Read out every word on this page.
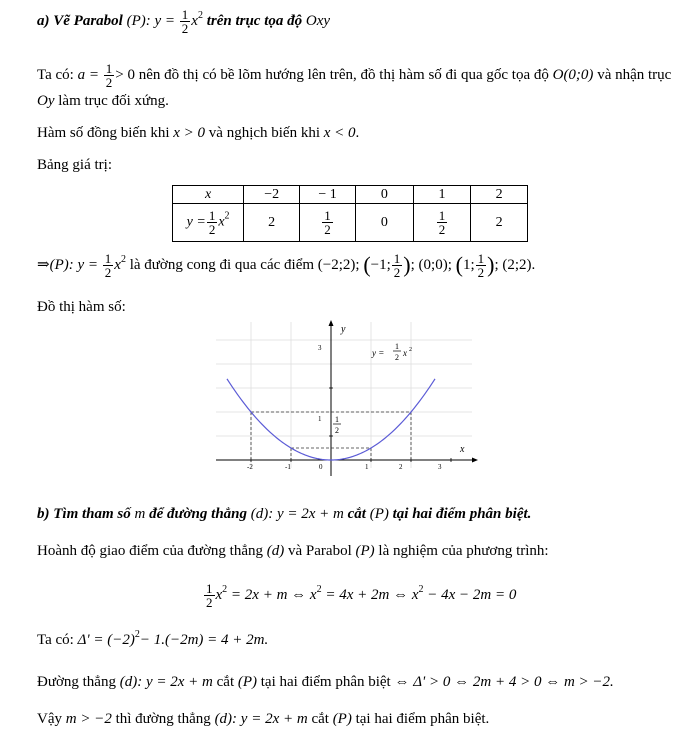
a) Vẽ Parabol (P): $y = \frac{1}{2} x^2$ trên trục tọa độ Oxy
Ta có: $a = \frac{1}{2} > 0$ nên đồ thị có bề lõm hướng lên trên, đồ thị hàm số đi qua gốc tọa độ O(0;0) và nhận trục
Oy làm trục đối xứng.
Hàm số đồng biến khi x > 0 và nghịch biến khi x < 0.
Bảng giá trị:
x	−2	− 1	0	1	2
$y = \frac{1}{2} x^2$	2	$\frac{1}{2}$	0	$\frac{1}{2}$	2
⇒(P): $y = \frac{1}{2} x^2$ là đường cong đi qua các điểm (−2;2); (−1; $\frac{1}{2}$ ); (0;0); (1; $\frac{1}{2}$ ); (2;2).
Đồ thị hàm số:
y
x
3
1
-2	-1	0	1	2	3
y =
1
2 x 2
1
2
b) Tìm tham số m để đường thẳng (d): y = 2x + m cắt (P) tại hai điểm phân biệt.
Hoành độ giao điểm của đường thẳng (d) và Parabol (P) là nghiệm của phương trình:
$\frac{1}{2} x^2 = 2x + m$ ⇔ $x^2 = 4x + 2m$ ⇔ $x^2 - 4x - 2m = 0$
Ta có: $\Delta' = (-2)^2- 1.(-2m) = 4 + 2m$.
Đường thẳng (d): y = 2x + m cắt (P) tại hai điểm phân biệt ⇔ Δ' > 0 ⇔ 2m + 4 > 0 ⇔ m > −2.
Vậy m > −2 thì đường thẳng (d): y = 2x + m cắt (P) tại hai điểm phân biệt.
